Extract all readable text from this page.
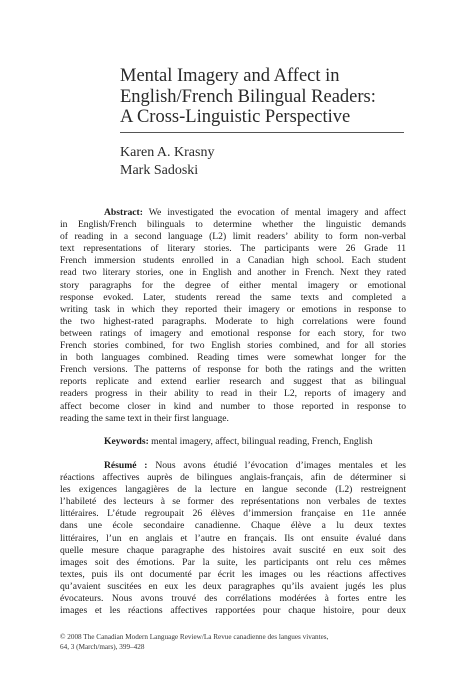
Mental Imagery and Affect in
English/French Bilingual Readers:
A Cross-Linguistic Perspective
Karen A. Krasny
Mark Sadoski
Abstract: We investigated the evocation of mental imagery and affect
in English/French bilinguals to determine whether the linguistic demands
of reading in a second language (L2) limit readers’ ability to form non-verbal
text representations of literary stories. The participants were 26 Grade 11
French immersion students enrolled in a Canadian high school. Each student
read two literary stories, one in English and another in French. Next they rated
story paragraphs for the degree of either mental imagery or emotional
response evoked. Later, students reread the same texts and completed a
writing task in which they reported their imagery or emotions in response to
the two highest-rated paragraphs. Moderate to high correlations were found
between ratings of imagery and emotional response for each story, for two
French stories combined, for two English stories combined, and for all stories
in both languages combined. Reading times were somewhat longer for the
French versions. The patterns of response for both the ratings and the written
reports replicate and extend earlier research and suggest that as bilingual
readers progress in their ability to read in their L2, reports of imagery and
affect become closer in kind and number to those reported in response to
reading the same text in their first language.
Keywords: mental imagery, affect, bilingual reading, French, English
Résumé : Nous avons étudié l’évocation d’images mentales et les
réactions affectives auprès de bilingues anglais-français, afin de déterminer si
les exigences langagières de la lecture en langue seconde (L2) restreignent
l’habileté des lecteurs à se former des représentations non verbales de textes
littéraires. L’étude regroupait 26 élèves d’immersion française en 11e année
dans une école secondaire canadienne. Chaque élève a lu deux textes
littéraires, l’un en anglais et l’autre en français. Ils ont ensuite évalué dans
quelle mesure chaque paragraphe des histoires avait suscité en eux soit des
images soit des émotions. Par la suite, les participants ont relu ces mêmes
textes, puis ils ont documenté par écrit les images ou les réactions affectives
qu’avaient suscitées en eux les deux paragraphes qu’ils avaient jugés les plus
évocateurs. Nous avons trouvé des corrélations modérées à fortes entre les
images et les réactions affectives rapportées pour chaque histoire, pour deux
© 2008 The Canadian Modern Language Review/La Revue canadienne des langues vivantes,
64, 3 (March/mars), 399–428
